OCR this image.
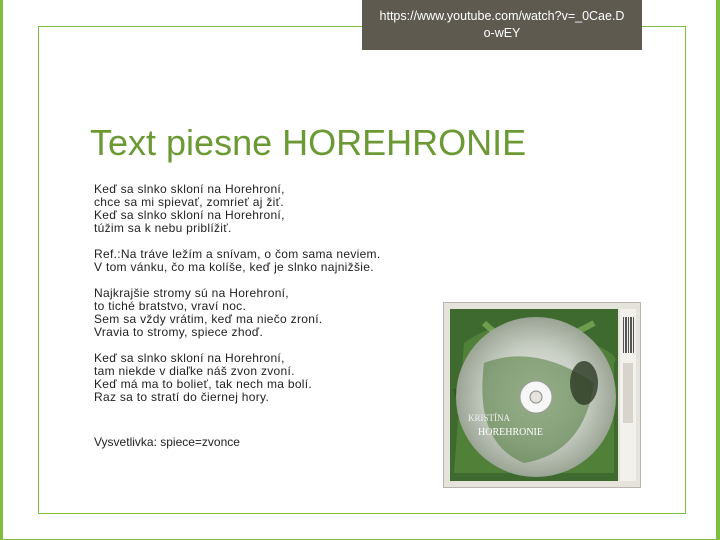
https://www.youtube.com/watch?v=_0Cae.Do-wEY
Text piesne HOREHRONIE
Keď sa slnko skloní na Horehroní,
chce sa mi spievať, zomrieť aj žiť.
Keď sa slnko skloní na Horehroní,
túžim sa k nebu priblížiť.
Ref.:Na tráve ležím a snívam, o čom sama neviem.
V tom vánku, čo ma kolíše, keď je slnko najnižšie.
Najkrajšie stromy sú na Horehroní,
to tiché bratstvo, vraví noc.
Sem sa vždy vrátim, keď ma niečo zroní.
Vravia to stromy, spiece zhoď.
Keď sa slnko skloní na Horehroní,
tam niekde v diaľke náš zvon zvoní.
Keď má ma to bolieť, tak nech ma bolí.
Raz sa to stratí do čiernej hory.
Vysvetlivka: spiece=zvonce
KRISTÍNA
HOREHRONIE
